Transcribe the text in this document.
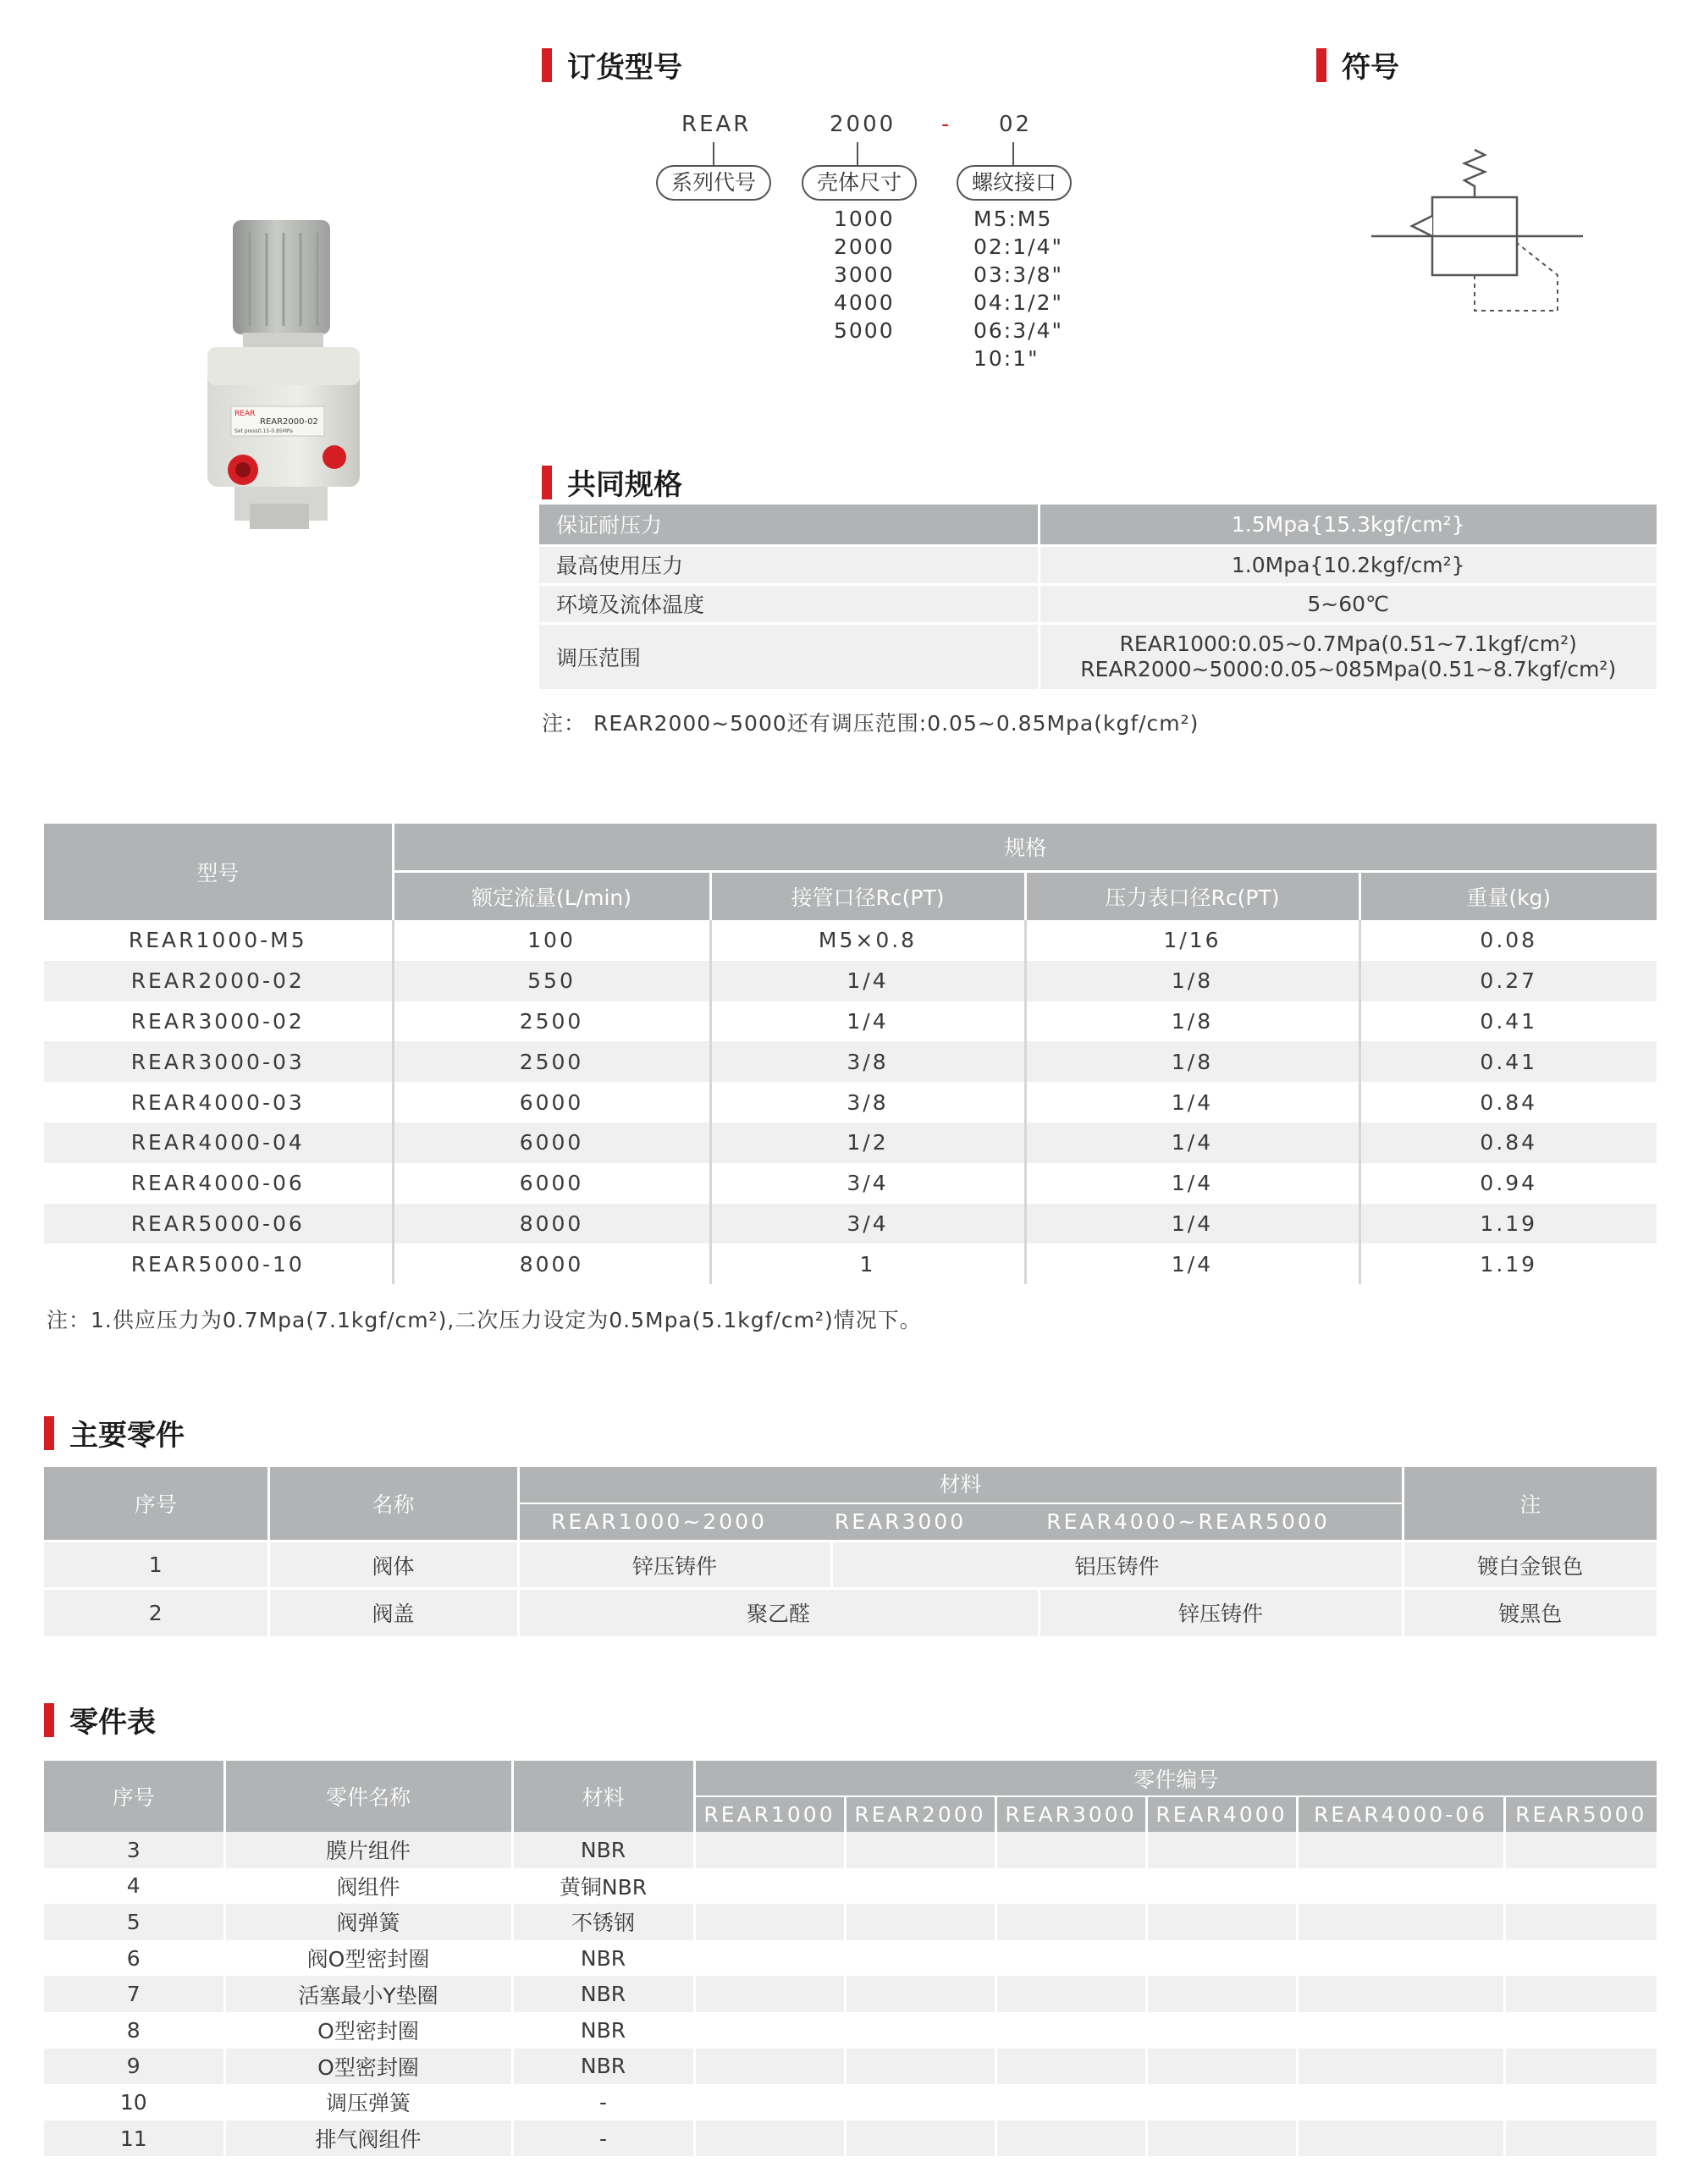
REAR
REAR2000-02
Set press0.15-0.85MPa
订货型号
REAR	2000 - 02
系列代号	壳体尺寸	螺纹接口
1000
2000
3000
4000
5000
M5:M5
02:1/4"
03:3/8"
04:1/2"
06:3/4"
10:1"
符号
共同规格
保证耐压力	1.5Mpa{15.3kgf/cm²}
最高使用压力	1.0Mpa{10.2kgf/cm²}
环境及流体温度	5~60℃
调压范围	REAR1000:0.05~0.7Mpa(0.51~7.1kgf/cm²)
REAR2000~5000:0.05~085Mpa(0.51~8.7kgf/cm²)
注： REAR2000~5000还有调压范围:0.05~0.85Mpa(kgf/cm²)
型号	规格			
	额定流量(L/min)	接管口径Rc(PT)	压力表口径Rc(PT)	重量(kg)
REAR1000-M5	100	M5×0.8	1/16	0.08
REAR2000-02	550	1/4	1/8	0.27
REAR3000-02	2500	1/4	1/8	0.41
REAR3000-03	2500	3/8	1/8	0.41
REAR4000-03	6000	3/8	1/4	0.84
REAR4000-04	6000	1/2	1/4	0.84
REAR4000-06	6000	3/4	1/4	0.94
REAR5000-06	8000	3/4	1/4	1.19
REAR5000-10	8000	1	1/4	1.19
注：1.供应压力为0.7Mpa(7.1kgf/cm²),二次压力设定为0.5Mpa(5.1kgf/cm²)情况下。
主要零件
序号	名称	材料
REAR1000~2000 REAR3000 REAR4000~REAR5000			注
1	阀体	锌压铸件	铝压铸件		镀白金银色
2	阀盖	聚乙醛		锌压铸件	镀黑色
零件表
序号	零件名称	材料	零件编号					
			REAR1000	REAR2000	REAR3000	REAR4000	REAR4000-06	REAR5000
3	膜片组件	NBR						
4	阀组件	黄铜NBR						
5	阀弹簧	不锈钢						
6	阀O型密封圈	NBR						
7	活塞最小Y垫圈	NBR						
8	O型密封圈	NBR						
9	O型密封圈	NBR						
10	调压弹簧	-						
11	排气阀组件	-						
